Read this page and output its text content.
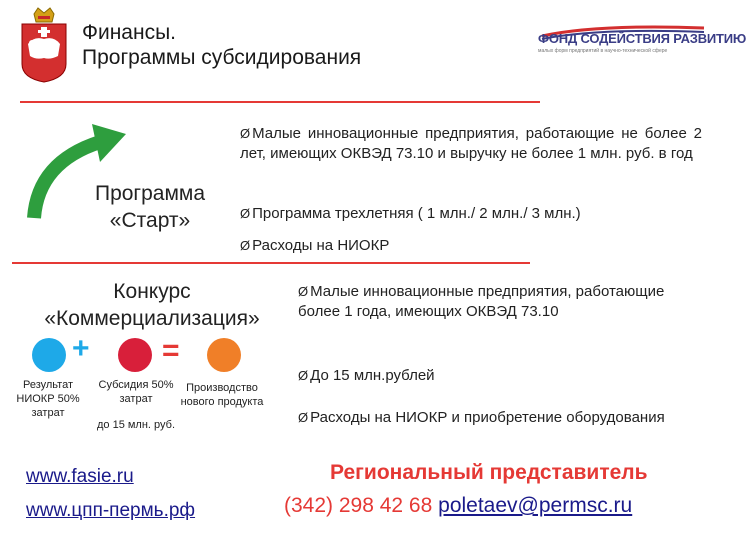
Финансы.
Программы субсидирования
ФОНД СОДЕЙСТВИЯ РАЗВИТИЮ
малых форм предприятий в научно-технической сфере
Программа
«Старт»
Ø Малые инновационные предприятия, работающие не более 2 лет, имеющих ОКВЭД 73.10 и выручку не более 1 млн. руб. в год
Ø Программа трехлетняя ( 1 млн./ 2 млн./ 3 млн.)
Ø Расходы на НИОКР
Конкурс
«Коммерциализация»
+ =
Результат НИОКР 50% затрат
Субсидия 50% затрат
до 15 млн. руб.
Производство нового продукта
Ø Малые инновационные предприятия, работающие более 1 года, имеющих ОКВЭД 73.10
Ø До 15 млн.рублей
Ø Расходы на НИОКР и приобретение оборудования
www.fasie.ru
www.цпп-пермь.рф
Региональный представитель
(342) 298 42 68 poletaev@permsc.ru
